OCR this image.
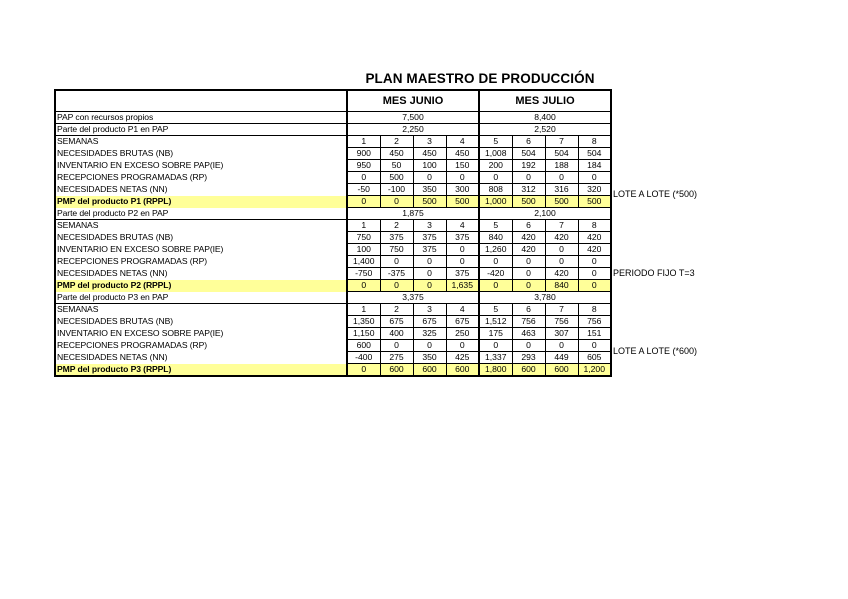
PLAN MAESTRO DE PRODUCCIÓN
	MES JUNIO				MES JULIO			
PAP con recursos propios	7,500				8,400			
Parte del producto P1 en PAP	2,250				2,520			
SEMANAS	1	2	3	4	5	6	7	8
NECESIDADES BRUTAS (NB)	900	450	450	450	1,008	504	504	504
INVENTARIO EN EXCESO SOBRE PAP(IE)	950	50	100	150	200	192	188	184
RECEPCIONES PROGRAMADAS (RP)	0	500	0	0	0	0	0	0
NECESIDADES NETAS (NN)	-50	-100	350	300	808	312	316	320
PMP del producto P1 (RPPL)	0	0	500	500	1,000	500	500	500
Parte del producto P2 en PAP	1,875				2,100			
SEMANAS	1	2	3	4	5	6	7	8
NECESIDADES BRUTAS (NB)	750	375	375	375	840	420	420	420
INVENTARIO EN EXCESO SOBRE PAP(IE)	100	750	375	0	1,260	420	0	420
RECEPCIONES PROGRAMADAS (RP)	1,400	0	0	0	0	0	0	0
NECESIDADES NETAS (NN)	-750	-375	0	375	-420	0	420	0
PMP del producto P2 (RPPL)	0	0	0	1,635	0	0	840	0
Parte del producto P3 en PAP	3,375				3,780			
SEMANAS	1	2	3	4	5	6	7	8
NECESIDADES BRUTAS (NB)	1,350	675	675	675	1,512	756	756	756
INVENTARIO EN EXCESO SOBRE PAP(IE)	1,150	400	325	250	175	463	307	151
RECEPCIONES PROGRAMADAS (RP)	600	0	0	0	0	0	0	0
NECESIDADES NETAS (NN)	-400	275	350	425	1,337	293	449	605
PMP del producto P3 (RPPL)	0	600	600	600	1,800	600	600	1,200
LOTE A LOTE (*500)
PERIODO FIJO T=3
LOTE A LOTE (*600)
